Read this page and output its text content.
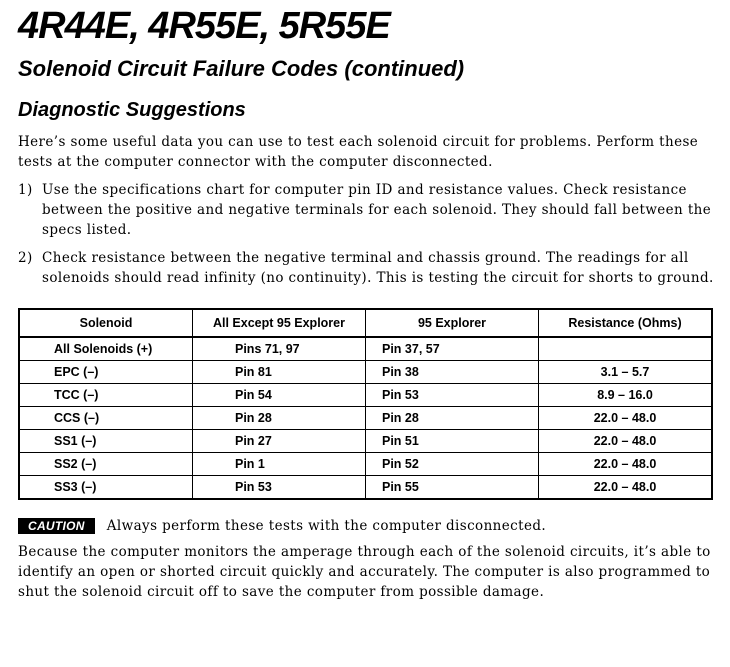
4R44E, 4R55E, 5R55E
Solenoid Circuit Failure Codes (continued)
Diagnostic Suggestions

Here’s some useful data you can use to test each solenoid circuit for problems. Perform these tests at the computer connector with the computer disconnected.

1) Use the specifications chart for computer pin ID and resistance values. Check resistance between the positive and negative terminals for each solenoid. They should fall between the specs listed.
2) Check resistance between the negative terminal and chassis ground. The readings for all solenoids should read infinity (no continuity). This is testing the circuit for shorts to ground.
Solenoid	All Except 95 Explorer	95 Explorer	Resistance (Ohms)
All Solenoids (+)	Pins 71, 97	Pin 37, 57	
EPC (–)	Pin 81	Pin 38	3.1 – 5.7
TCC (–)	Pin 54	Pin 53	8.9 – 16.0
CCS (–)	Pin 28	Pin 28	22.0 – 48.0
SS1 (–)	Pin 27	Pin 51	22.0 – 48.0
SS2 (–)	Pin 1	Pin 52	22.0 – 48.0
SS3 (–)	Pin 53	Pin 55	22.0 – 48.0
CAUTION	Always perform these tests with the computer disconnected.

Because the computer monitors the amperage through each of the solenoid circuits, it’s able to identify an open or shorted circuit quickly and accurately. The computer is also programmed to shut the solenoid circuit off to save the computer from possible damage.
